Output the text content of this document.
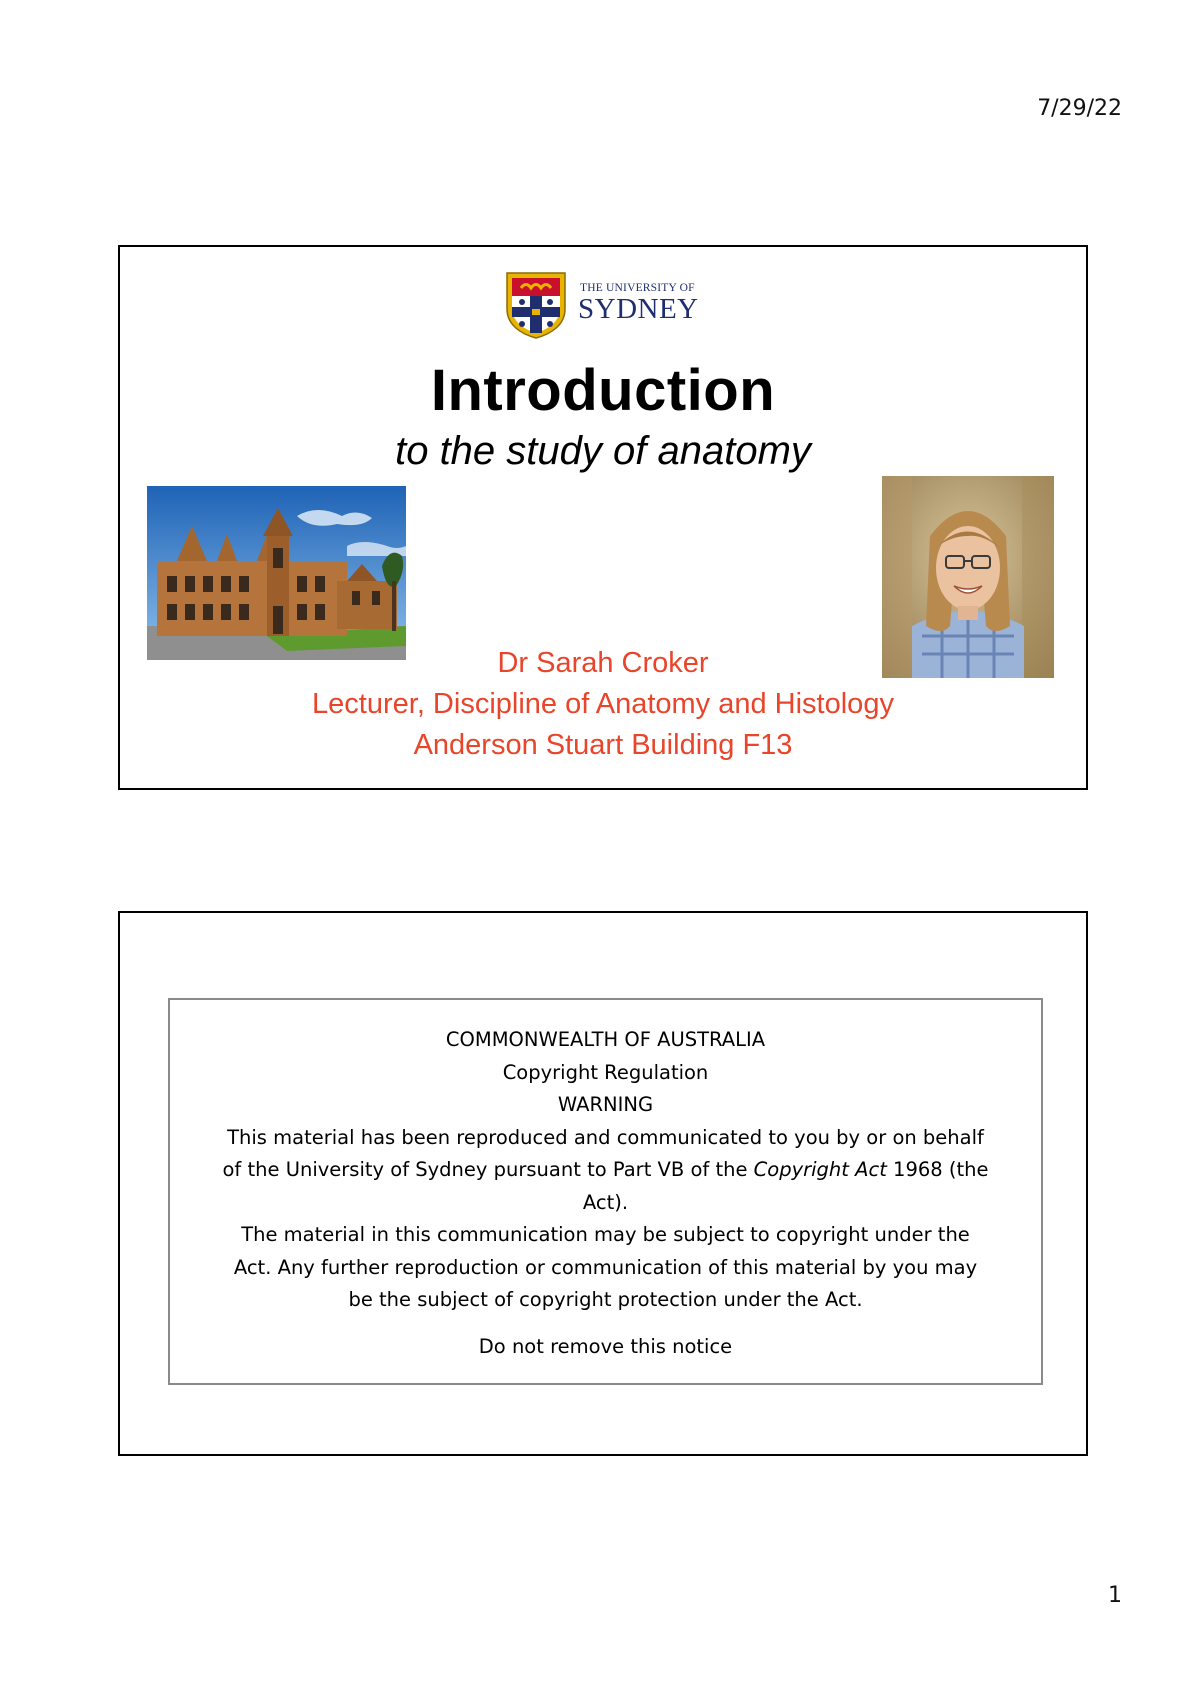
7/29/22
THE UNIVERSITY OF
SYDNEY
Introduction
to the study of anatomy
Dr Sarah Croker
Lecturer, Discipline of Anatomy and Histology
Anderson Stuart Building F13
COMMONWEALTH OF AUSTRALIA
Copyright Regulation
WARNING
This material has been reproduced and communicated to you by or on behalf
of the University of Sydney pursuant to Part VB of the Copyright Act 1968 (the
Act).
The material in this communication may be subject to copyright under the
Act. Any further reproduction or communication of this material by you may
be the subject of copyright protection under the Act.
Do not remove this notice
1
